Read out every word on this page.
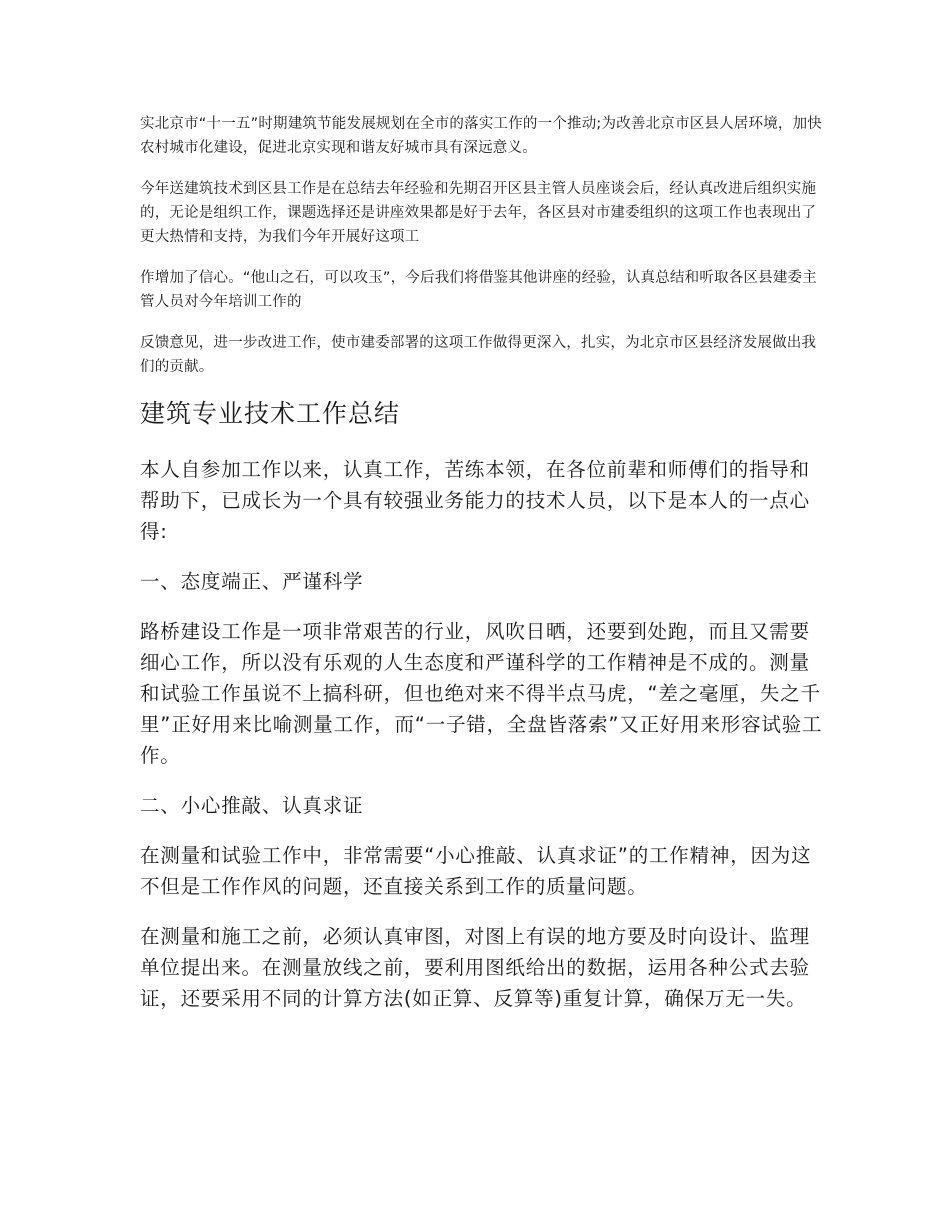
实北京市“十一五”时期建筑节能发展规划在全市的落实工作的一个推动;为改善北京市区县人居环境，加快农村城市化建设，促进北京实现和谐友好城市具有深远意义。

今年送建筑技术到区县工作是在总结去年经验和先期召开区县主管人员座谈会后，经认真改进后组织实施的，无论是组织工作，课题选择还是讲座效果都是好于去年，各区县对市建委组织的这项工作也表现出了更大热情和支持，为我们今年开展好这项工

作增加了信心。“他山之石，可以攻玉”，今后我们将借鉴其他讲座的经验，认真总结和听取各区县建委主管人员对今年培训工作的

反馈意见，进一步改进工作，使市建委部署的这项工作做得更深入，扎实，为北京市区县经济发展做出我们的贡献。

建筑专业技术工作总结

本人自参加工作以来，认真工作，苦练本领，在各位前辈和师傅们的指导和帮助下，已成长为一个具有较强业务能力的技术人员，以下是本人的一点心得:

一、态度端正、严谨科学

路桥建设工作是一项非常艰苦的行业，风吹日晒，还要到处跑，而且又需要细心工作，所以没有乐观的人生态度和严谨科学的工作精神是不成的。测量和试验工作虽说不上搞科研，但也绝对来不得半点马虎，“差之毫厘，失之千里”正好用来比喻测量工作，而“一子错，全盘皆落索”又正好用来形容试验工作。

二、小心推敲、认真求证

在测量和试验工作中，非常需要“小心推敲、认真求证”的工作精神，因为这不但是工作作风的问题，还直接关系到工作的质量问题。

在测量和施工之前，必须认真审图，对图上有误的地方要及时向设计、监理单位提出来。在测量放线之前，要利用图纸给出的数据，运用各种公式去验证，还要采用不同的计算方法(如正算、反算等)重复计算，确保万无一失。
